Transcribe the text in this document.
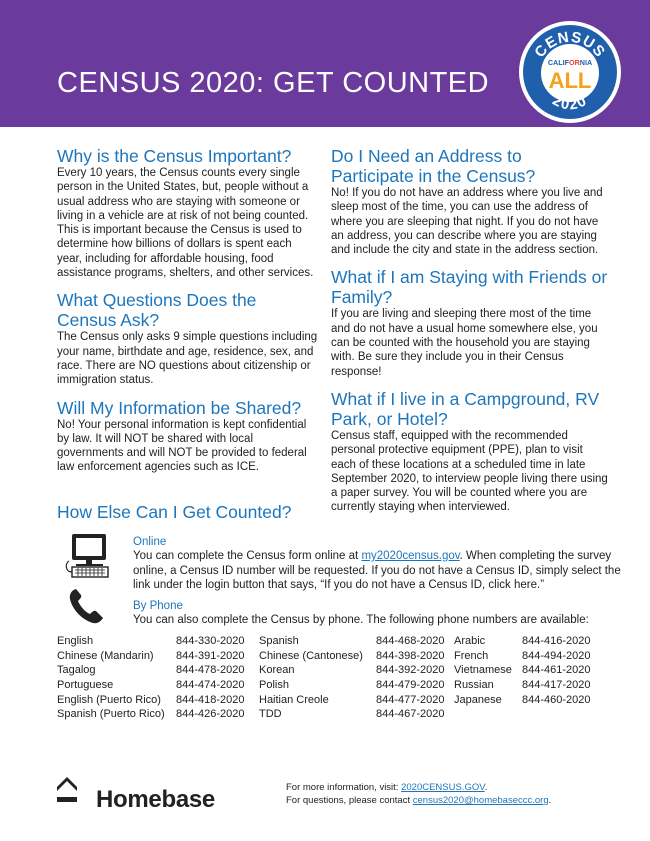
CENSUS 2020: GET COUNTED
CENSUS
CALIFORNIA
ALL
2020
Why is the Census Important?

Every 10 years, the Census counts every single person in the United States, but, people without a usual address who are staying with someone or living in a vehicle are at risk of not being counted. This is important because the Census is used to determine how billions of dollars is spent each year, including for affordable housing, food assistance programs, shelters, and other services.

What Questions Does the Census Ask?

The Census only asks 9 simple questions including your name, birthdate and age, residence, sex, and race. There are NO questions about citizenship or immigration status.

Will My Information be Shared?

No! Your personal information is kept confidential by law. It will NOT be shared with local governments and will NOT be provided to federal law enforcement agencies such as ICE.

Do I Need an Address to Participate in the Census?

No! If you do not have an address where you live and sleep most of the time, you can use the address of where you are sleeping that night. If you do not have an address, you can describe where you are staying and include the city and state in the address section.

What if I am Staying with Friends or Family?

If you are living and sleeping there most of the time and do not have a usual home somewhere else, you can be counted with the household you are staying with. Be sure they include you in their Census response!

What if I live in a Campground, RV Park, or Hotel?

Census staff, equipped with the recommended personal protective equipment (PPE), plan to visit each of these locations at a scheduled time in late September 2020, to interview people living there using a paper survey. You will be counted where you are currently staying when interviewed.

How Else Can I Get Counted?
Online
You can complete the Census form online at my2020census.gov. When completing the survey online, a Census ID number will be requested. If you do not have a Census ID, simply select the link under the login button that says, “If you do not have a Census ID, click here.”
By Phone
You can also complete the Census by phone. The following phone numbers are available:
English	844-330-2020 Spanish	844-468-2020 Arabic	844-416-2020
Chinese (Mandarin) 844-391-2020 Chinese (Cantonese) 844-398-2020 French	844-494-2020
Tagalog	844-478-2020 Korean	844-392-2020 Vietnamese 844-461-2020
Portuguese	844-474-2020 Polish	844-479-2020 Russian	844-417-2020
English (Puerto Rico) 844-418-2020 Haitian Creole	844-477-2020 Japanese 844-460-2020
Spanish (Puerto Rico) 844-426-2020 TDD	844-467-2020
Homebase	For more information, visit: 2020CENSUS.GOV.
For questions, please contact census2020@homebaseccc.org.
